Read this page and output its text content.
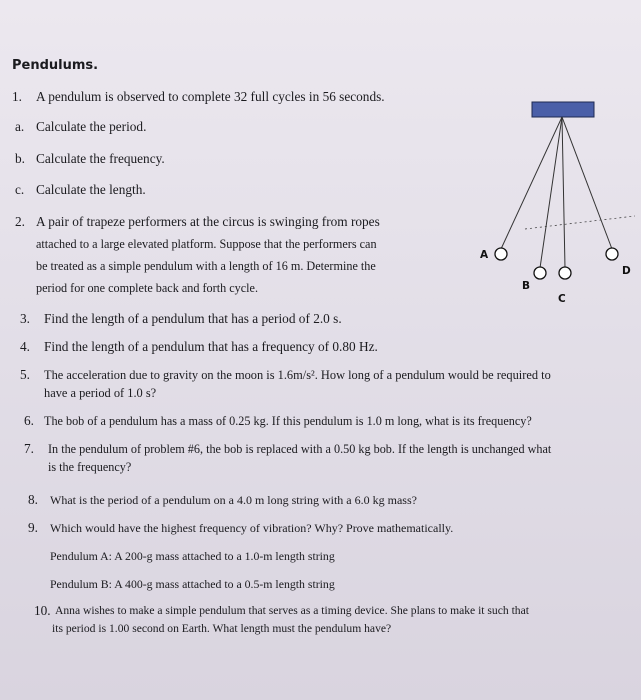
Pendulums.
1. A pendulum is observed to complete 32 full cycles in 56 seconds.
a. Calculate the period.
b. Calculate the frequency.
c. Calculate the length.
2. A pair of trapeze performers at the circus is swinging from ropes
attached to a large elevated platform. Suppose that the performers can
be treated as a simple pendulum with a length of 16 m. Determine the
period for one complete back and forth cycle.
3. Find the length of a pendulum that has a period of 2.0 s.
4. Find the length of a pendulum that has a frequency of 0.80 Hz.
5. The acceleration due to gravity on the moon is 1.6m/s². How long of a pendulum would be required to
have a period of 1.0 s?
6. The bob of a pendulum has a mass of 0.25 kg. If this pendulum is 1.0 m long, what is its frequency?
7. In the pendulum of problem #6, the bob is replaced with a 0.50 kg bob. If the length is unchanged what
is the frequency?
8. What is the period of a pendulum on a 4.0 m long string with a 6.0 kg mass?
9. Which would have the highest frequency of vibration? Why? Prove mathematically.
Pendulum A: A 200-g mass attached to a 1.0-m length string
Pendulum B: A 400-g mass attached to a 0.5-m length string
10. Anna wishes to make a simple pendulum that serves as a timing device. She plans to make it such that
its period is 1.00 second on Earth. What length must the pendulum have?
A
B
C
D
